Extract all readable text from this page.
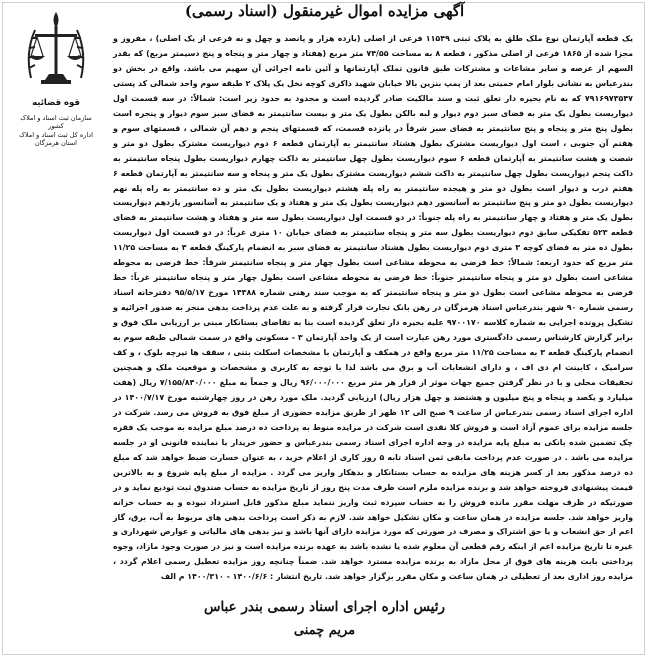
آگهی مزایده اموال غیرمنقول (اسناد رسمی)
قوه قضائیه
سازمان ثبت اسناد و املاک کشور
اداره کل ثبت اسناد و املاک استان هرمزگان
یک قطعه آپارتمان نوع ملک طلق به پلاک ثبتی ۱۱۵۴۹ فرعی از اصلی (یازده هزار و پانصد و چهل و نه فرعی از یک اصلی) ، مفروز و مجزا شده از ۱۸۶۵ فرعی از اصلی مذکور ، قطعه ۸ به مساحت ۷۴/۵۵ متر مربع (هفتاد و چهار متر و پنجاه و پنج دسیمتر مربع) که بقدر السهم از عرصه و سایر مشاعات و مشترکات طبق قانون تملک آپارتمانها و آئین نامه اجرائی آن سهیم می باشد. واقع در بخش دو بندرعباس به نشانی بلوار امام خمینی بعد از پمپ بنزین بالا خیابان شهید ذاکری کوچه نخل یک پلاک ۲ طبقه سوم واحد شمالی کد پستی ۷۹۱۶۹۷۳۵۴۷ که به نام بحیره دار تعلق ثبت و سند مالکیت صادر گردیده است و محدود به حدود زیر است: شمالاً: در سه قسمت اول دیواریست بطول یک متر به فضای سبز دوم دیوار و لبه بالکن بطول یک متر و بیست سانتیمتر به فضای سبز سوم دیوار و پنجره است بطول پنج متر و پنجاه و پنج سانتیمتر به فضای سبز شرقاً در پانزده قسمت، که قسمتهای پنجم و دهم آن شمالی ، قسمتهای سوم و هفتم آن جنوبی ، است اول دیواریست مشترک بطول هشتاد سانتیمتر به آپارتمان قطعه ۶ دوم دیواریست مشترک بطول دو متر و شصت و هشت سانتیمتر به آپارتمان قطعه ۶ سوم دیواریست بطول چهل سانتیمتر به داکت چهارم دیواریست بطول پنجاه سانتیمتر به داکت پنجم دیواریست بطول چهل سانتیمتر به داکت ششم دیواریست مشترک بطول یک متر و پنجاه و سه سانتیمتر به آپارتمان قطعه ۶ هفتم درب و دیوار است بطول دو متر و هیجده سانتیمتر به راه پله هشتم دیواریست بطول یک متر و ده سانتیمتر به راه پله نهم دیواریست بطول دو متر و پنج سانتیمتر به آسانسور دهم دیواریست بطول یک متر و هفتاد و یک سانتیمتر به آسانسور یازدهم دیواریست بطول یک متر و هفتاد و چهار سانتیمتر به راه پله جنوباً: در دو قسمت اول دیواریست بطول سه متر و هفتاد و هشت سانتیمتر به فضای قطعه ۵۲۳ تفکیکی سابق دوم دیواریست بطول سه متر و پنجاه سانتیمتر به فضای خیابان ۱۰ متری غرباً: در دو قسمت اول دیواریست بطول ده متر به فضای کوچه ۳ متری دوم دیواریست بطول هشتاد سانتیمتر به فضای سبز به انضمام پارکینگ قطعه ۳ به مساحت ۱۱/۲۵ متر مربع که حدود اربعه: شمالاً: خط فرضی به محوطه مشاعی است بطول چهار متر و پنجاه سانتیمتر شرقاً: خط فرضی به محوطه مشاعی است بطول دو متر و پنجاه سانتیمتر جنوباً: خط فرضی به محوطه مشاعی است بطول چهار متر و پنجاه سانتیمتر غرباً: خط فرضی به محوطه مشاعی است بطول دو متر و پنجاه سانتیمتر که به موجب سند رهنی شماره ۱۴۳۸۸ مورخ ۹۵/۵/۱۷ دفترخانه اسناد رسمی شماره ۹۰ شهر بندرعباس اسناد هرمزگان در رهن بانک تجارت قرار گرفته و به علت عدم پرداخت بدهی منجر به صدور اجرائیه و تشکیل پرونده اجرایی به شماره کلاسه ۹۷۰۰۱۷۰ علیه بحیره دار تعلق گردیده است بنا به تقاضای بستانکار مبنی بر ارزیابی ملک فوق و برابر گزارش کارشناس رسمی دادگستری مورد رهن عبارت است از یک واحد آپارتمان ۳ - مسکونی واقع در سمت شمالی طبقه سوم به انضمام پارکینگ قطعه ۳ به مساحت ۱۱/۲۵ متر مربع واقع در همکف و آپارتمان با مشخصات اسکلت بتنی ، سقف ها تیرچه بلوک ، و کف سرامیک ، کابینت ام دی اف ، و دارای انشعابات آب و برق می باشد لذا با توجه به کاربری و مشخصات و موقعیت ملک و همچنین تحقیقات محلی و با در نظر گرفتن جمیع جهات موثر از قرار هر متر مربع ۹۶/۰۰۰/۰۰۰ ریال و جمعاً به مبلغ ۷/۱۵۵/۸۴۰/۰۰۰ ریال (هفت میلیارد و یکصد و پنجاه و پنج میلیون و هشتصد و چهل هزار ریال) ارزیابی گردید. ملک مورد رهن در روز چهارشنبه مورخ ۱۴۰۰/۷/۱۷ در اداره اجرای اسناد رسمی بندرعباس از ساعت ۹ صبح الی ۱۲ ظهر از طریق مزایده حضوری از مبلغ فوق به فروش می رسد. شرکت در جلسه مزایده برای عموم آزاد است و فروش کلا نقدی است شرکت در مزایده منوط به پرداخت ده درصد مبلغ مزایده به موجب یک فقره چک تضمین شده بانکی به مبلغ پایه مزایده در وجه اداره اجرای اسناد رسمی بندرعباس و حضور خریدار یا نماینده قانونی او در جلسه مزایده می باشد . در صورت عدم پرداخت مابقی ثمن اسناد تابه ۵ روز کاری از اعلام خرید ، به عنوان خسارت ضبط خواهد شد که مبلغ ده درصد مذکور بعد از کسر هزینه های مزایده به حساب بستانکار و بدهکار واریز می گردد . مزایده از مبلغ پایه شروع و به بالاترین قیمت پیشنهادی فروخته خواهد شد و برنده مزایده ملزم است ظرف مدت پنج روز از تاریخ مزایده به حساب صندوق ثبت تودیع نماید و در صورتیکه در ظرف مهلت مقرر مانده فروش را به حساب سپرده ثبت واریز ننماید مبلغ مذکور قابل استرداد نبوده و به حساب خزانه واریز خواهد شد. جلسه مزایده در همان ساعت و مکان تشکیل خواهد شد. لازم به ذکر است پرداخت بدهی های مربوط به آب، برق، گاز اعم از حق انشعاب و یا حق اشتراک و مصرف در صورتی که مورد مزایده دارای آنها باشد و نیز بدهی های مالیاتی و عوارض شهرداری و غیره تا تاریخ مزایده اعم از اینکه رقم قطعی آن معلوم شده یا نشده باشد به عهده برنده مزایده است و نیز در صورت وجود مازاد، وجوه پرداختی بابت هزینه های فوق از محل مازاد به برنده مزایده مسترد خواهد شد. ضمناً چنانچه روز مزایده تعطیل رسمی اعلام گردد ، مزایده روز اداری بعد از تعطیلی در همان ساعت و مکان مقرر برگزار خواهد شد. تاریخ انتشار : ۱۴۰۰/۶/۶ - ۱۴۰۰/۳۱۰ م الف
رئیس اداره اجرای اسناد رسمی بندر عباس
مریم چمنی
